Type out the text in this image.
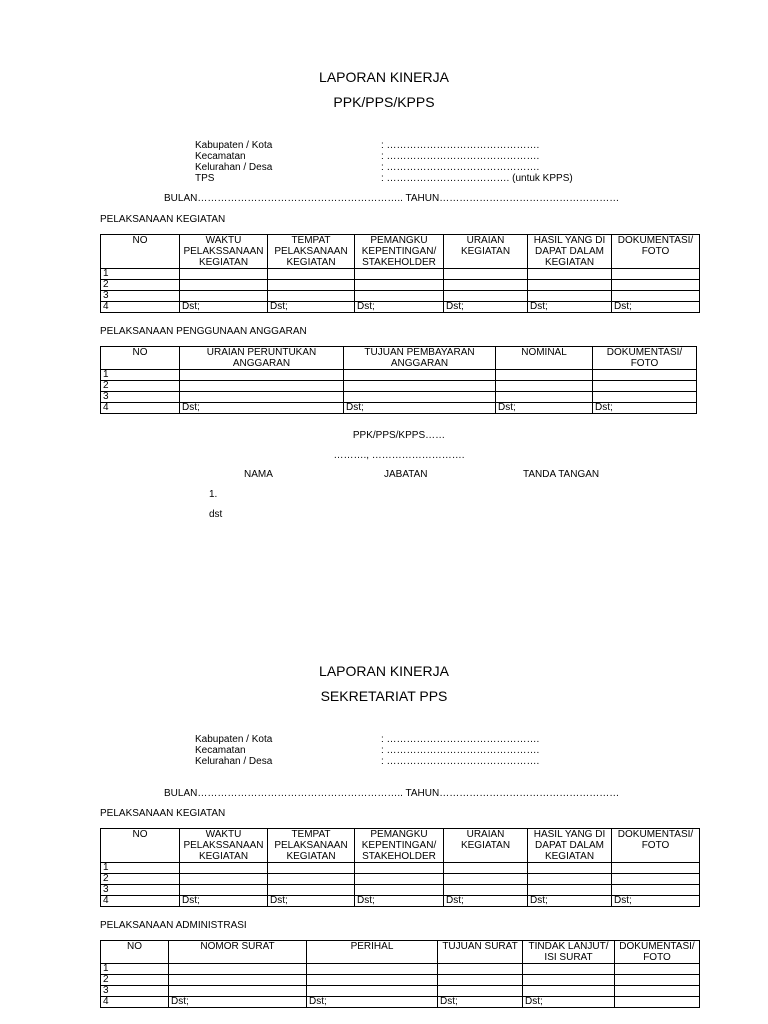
LAPORAN KINERJA
PPK/PPS/KPPS
Kabupaten / Kota	: ……………………………………….
Kecamatan	: ……………………………………….
Kelurahan / Desa	: ……………………………………….
TPS	: ………………………………. (untuk KPPS)
BULAN…………………………………………………….. TAHUN………………………………………………
PELAKSANAAN KEGIATAN
NO	WAKTU PELAKSSANAAN KEGIATAN	TEMPAT PELAKSANAAN KEGIATAN	PEMANGKU KEPENTINGAN/ STAKEHOLDER	URAIAN KEGIATAN	HASIL YANG DI DAPAT DALAM KEGIATAN	DOKUMENTASI/ FOTO
1						
2						
3						
4	Dst;	Dst;	Dst;	Dst;	Dst;	Dst;
PELAKSANAAN PENGGUNAAN ANGGARAN
NO	URAIAN PERUNTUKAN ANGGARAN	TUJUAN PEMBAYARAN ANGGARAN	NOMINAL	DOKUMENTASI/ FOTO
1				
2				
3				
4	Dst;	Dst;	Dst;	Dst;
PPK/PPS/KPPS……
………., ……………………….
NAMA	JABATAN	TANDA TANGAN
1.
dst
LAPORAN KINERJA
SEKRETARIAT PPS
Kabupaten / Kota	: ……………………………………….
Kecamatan	: ……………………………………….
Kelurahan / Desa	: ……………………………………….
BULAN…………………………………………………….. TAHUN………………………………………………
PELAKSANAAN KEGIATAN
NO	WAKTU PELAKSSANAAN KEGIATAN	TEMPAT PELAKSANAAN KEGIATAN	PEMANGKU KEPENTINGAN/ STAKEHOLDER	URAIAN KEGIATAN	HASIL YANG DI DAPAT DALAM KEGIATAN	DOKUMENTASI/ FOTO
1						
2						
3						
4	Dst;	Dst;	Dst;	Dst;	Dst;	Dst;
PELAKSANAAN ADMINISTRASI
NO	NOMOR SURAT	PERIHAL	TUJUAN SURAT	TINDAK LANJUT/ ISI SURAT	DOKUMENTASI/ FOTO
1					
2					
3					
4	Dst;	Dst;	Dst;	Dst;	
